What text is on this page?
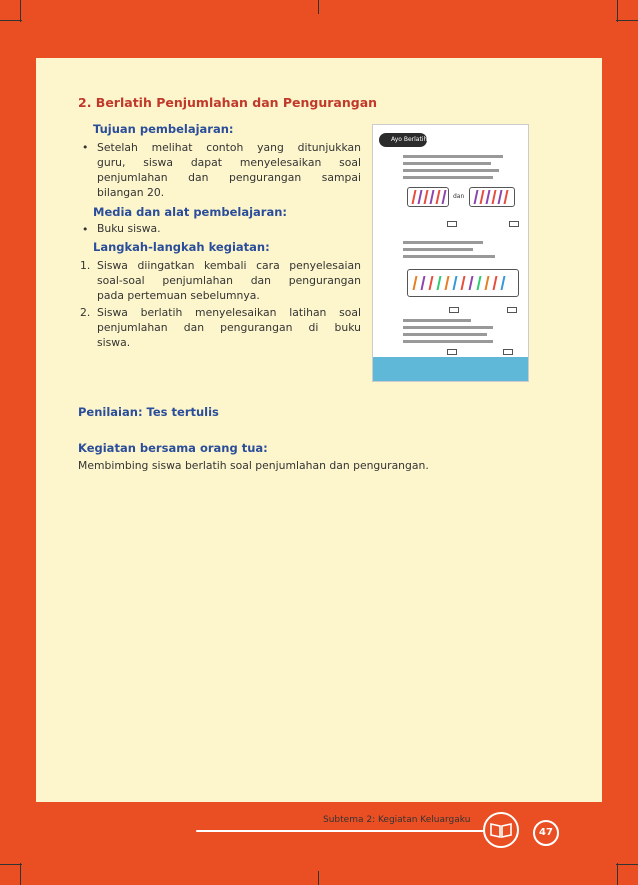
2. Berlatih Penjumlahan dan Pengurangan
Tujuan pembelajaran:
• Setelah melihat contoh yang ditunjukkan
guru, siswa dapat menyelesaikan soal
penjumlahan dan pengurangan sampai
bilangan 20.
Media dan alat pembelajaran:
• Buku siswa.
Langkah-langkah kegiatan:
1. Siswa diingatkan kembali cara penyelesaian
soal-soal penjumlahan dan pengurangan
pada pertemuan sebelumnya.
2. Siswa berlatih menyelesaikan latihan soal
penjumlahan dan pengurangan di buku
siswa.
Ayo Berlatih
dan
Penilaian: Tes tertulis
Kegiatan bersama orang tua:
Membimbing siswa berlatih soal penjumlahan dan pengurangan.
Subtema 2: Kegiatan Keluargaku
47
